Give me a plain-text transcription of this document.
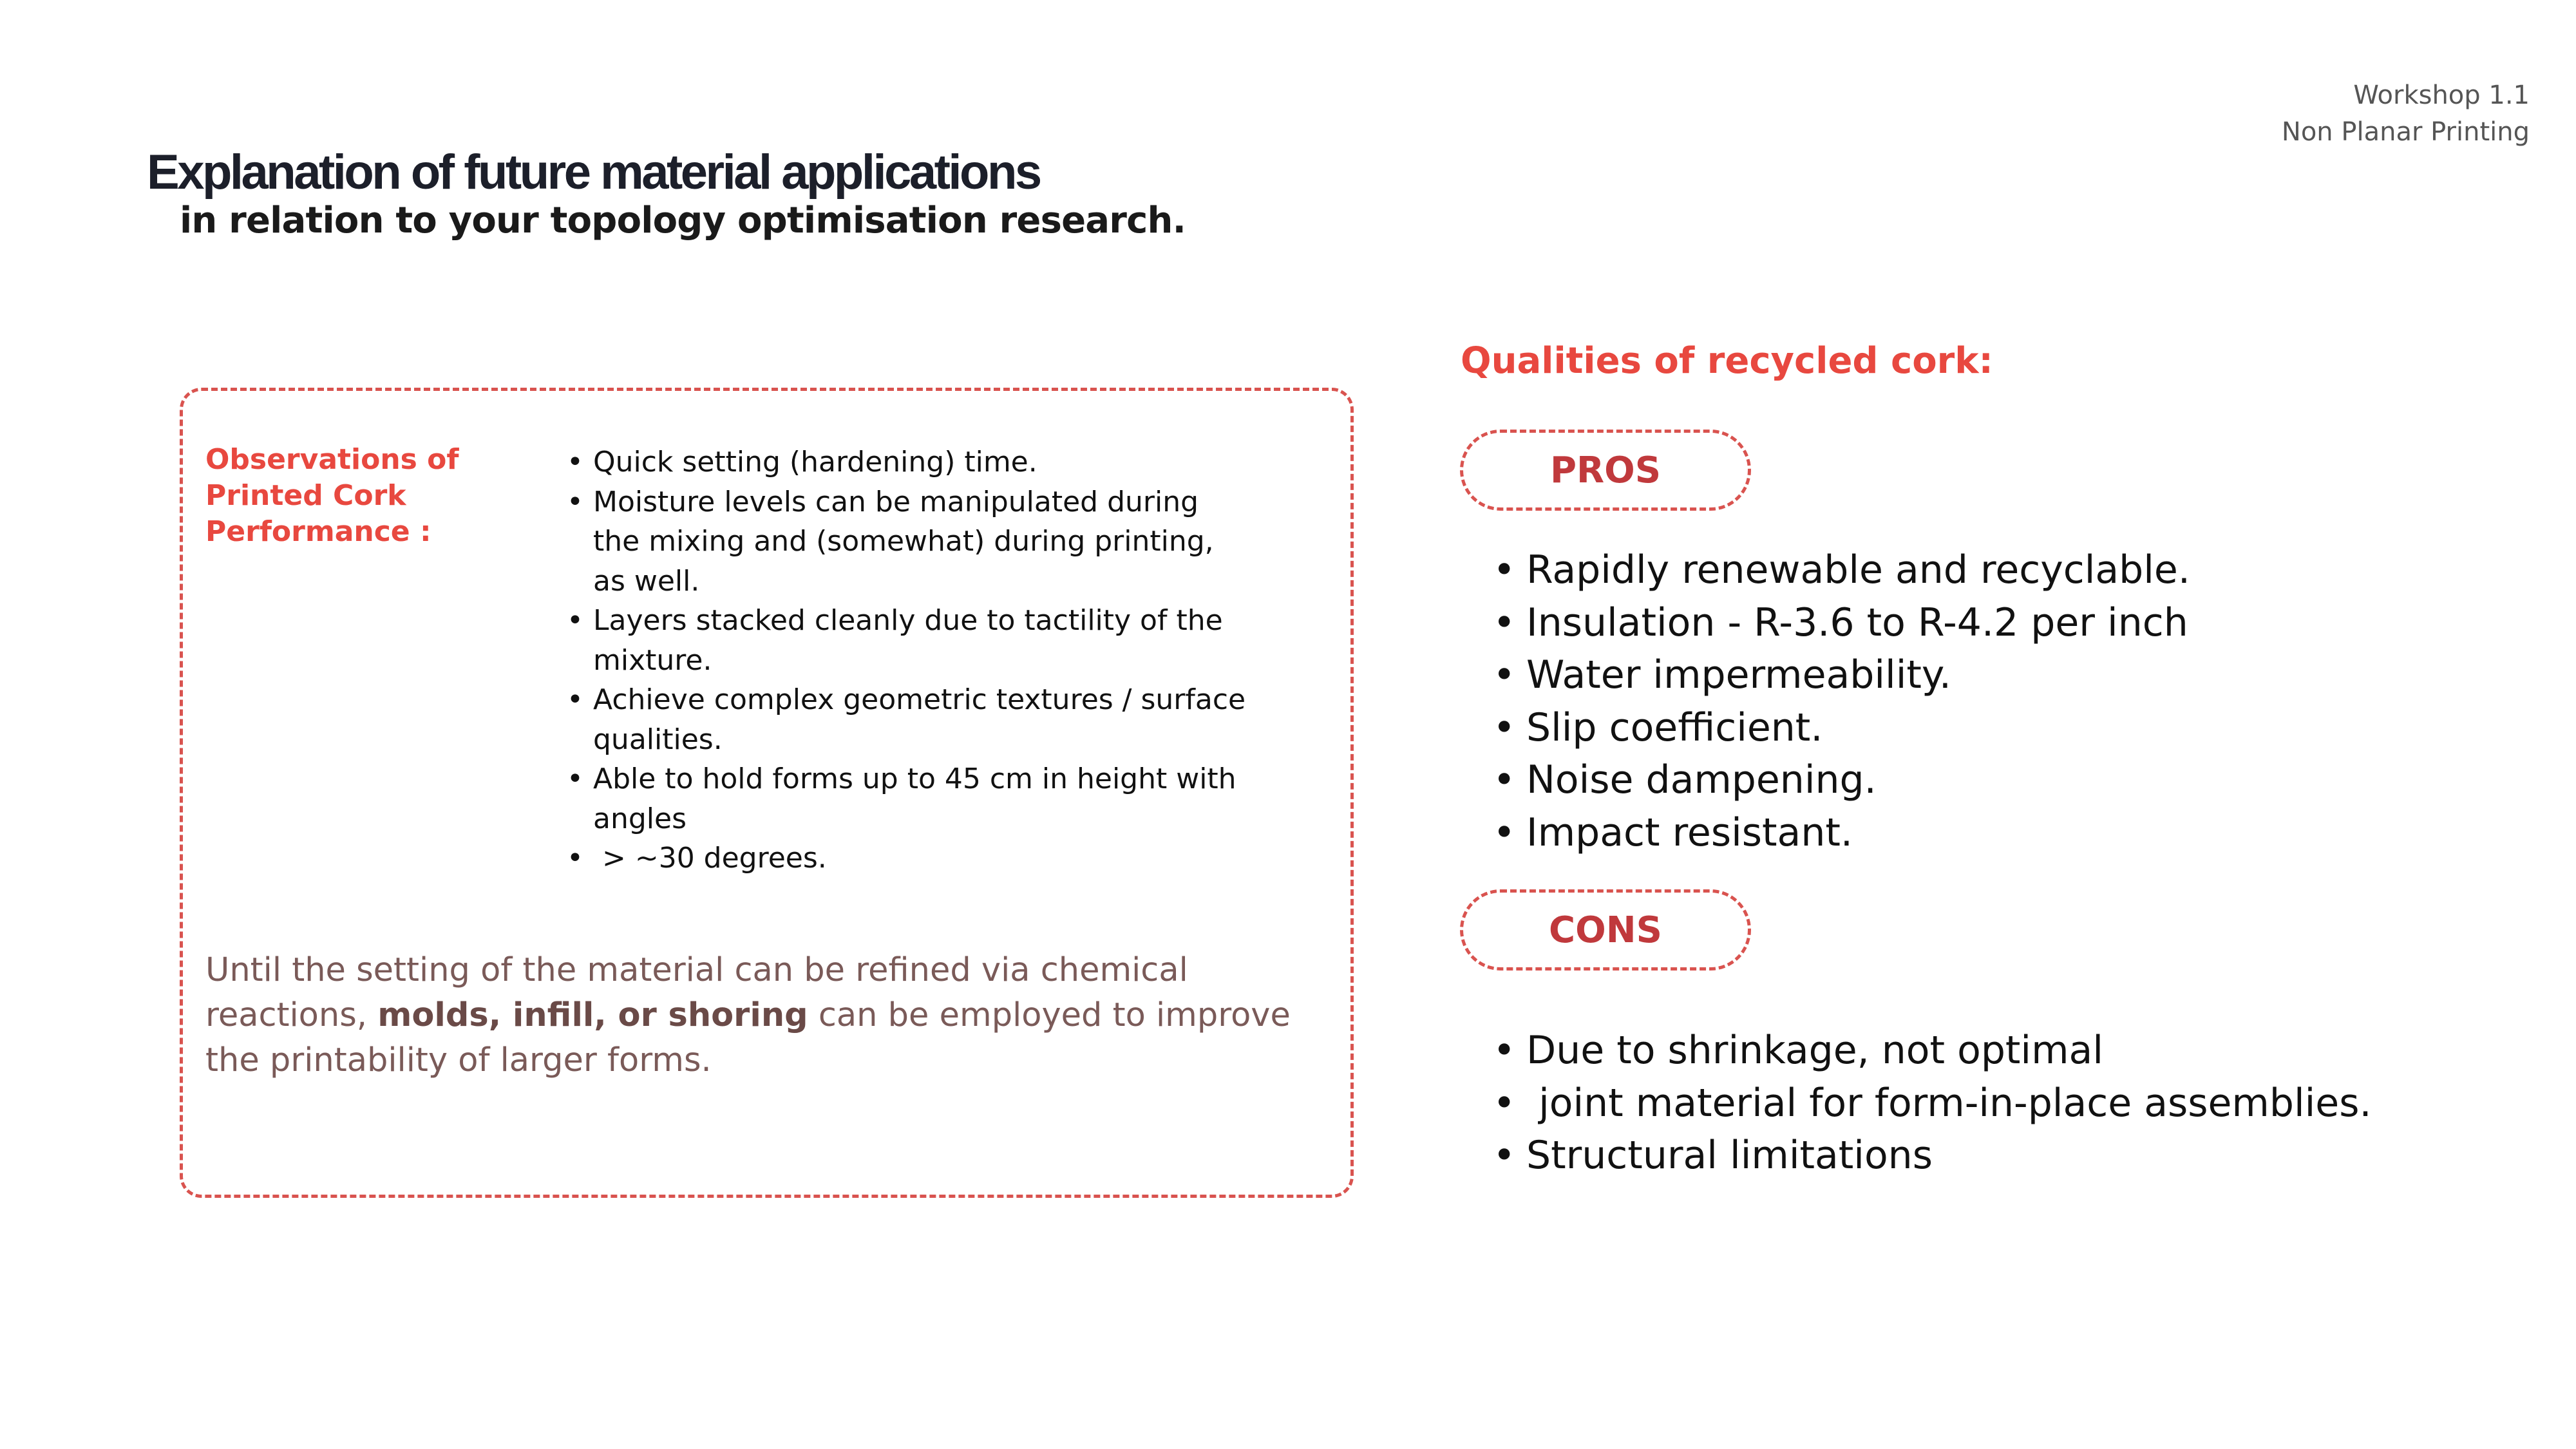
Workshop 1.1
Non Planar Printing
Explanation of future material applications
in relation to your topology optimisation research.
Observations of Printed Cork Performance :
• Quick setting (hardening) time.
• Moisture levels can be manipulated during the mixing and (somewhat) during printing, as well.
• Layers stacked cleanly due to tactility of the mixture.
• Achieve complex geometric textures / surface qualities.
• Able to hold forms up to 45 cm in height with angles
•  > ~30 degrees.

Until the setting of the material can be refined via chemical reactions, molds, infill, or shoring can be employed to improve the printability of larger forms.

Qualities of recycled cork:
PROS
• Rapidly renewable and recyclable.
• Insulation - R-3.6 to R-4.2 per inch
• Water impermeability.
• Slip coefficient.
• Noise dampening.
• Impact resistant.
CONS
• Due to shrinkage, not optimal
•  joint material for form-in-place assemblies.
• Structural limitations
